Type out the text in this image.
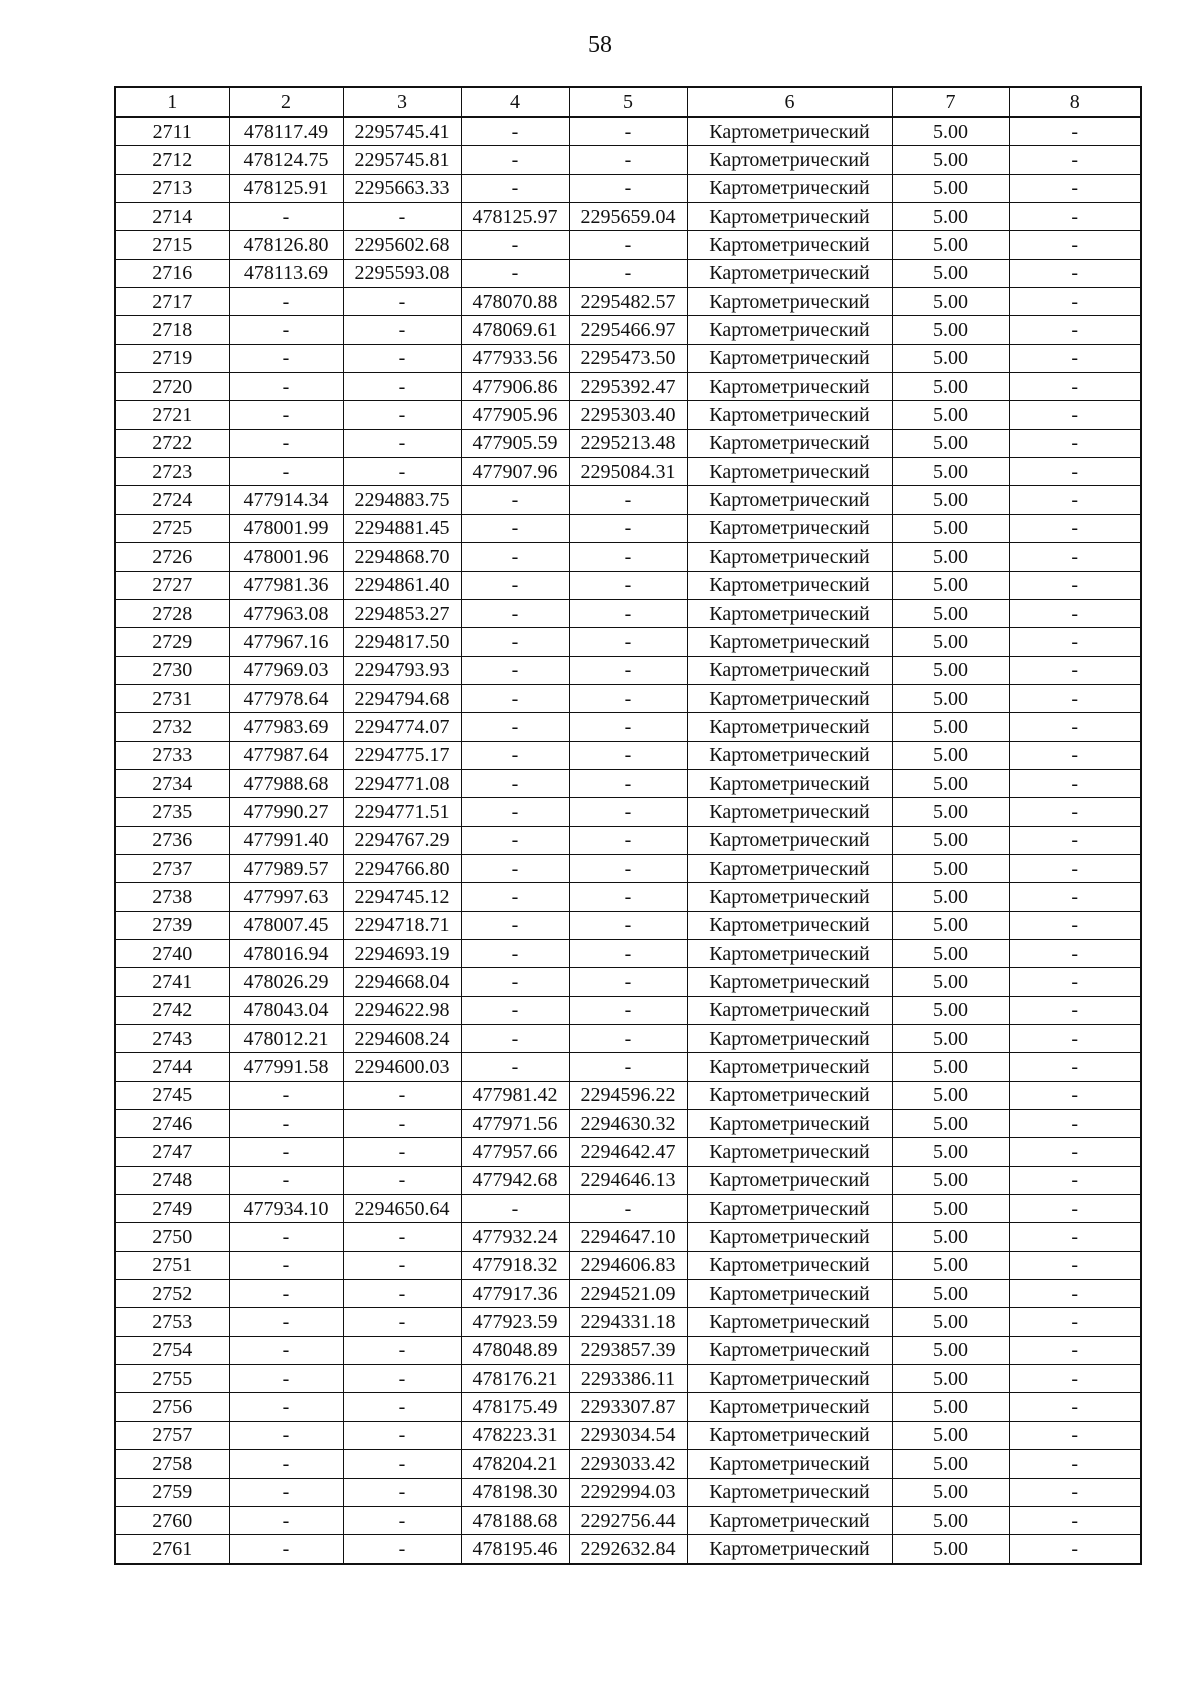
58
1	2	3	4	5	6	7	8
2711	478117.49	2295745.41	-	-	Картометрический	5.00	-
2712	478124.75	2295745.81	-	-	Картометрический	5.00	-
2713	478125.91	2295663.33	-	-	Картометрический	5.00	-
2714	-	-	478125.97	2295659.04	Картометрический	5.00	-
2715	478126.80	2295602.68	-	-	Картометрический	5.00	-
2716	478113.69	2295593.08	-	-	Картометрический	5.00	-
2717	-	-	478070.88	2295482.57	Картометрический	5.00	-
2718	-	-	478069.61	2295466.97	Картометрический	5.00	-
2719	-	-	477933.56	2295473.50	Картометрический	5.00	-
2720	-	-	477906.86	2295392.47	Картометрический	5.00	-
2721	-	-	477905.96	2295303.40	Картометрический	5.00	-
2722	-	-	477905.59	2295213.48	Картометрический	5.00	-
2723	-	-	477907.96	2295084.31	Картометрический	5.00	-
2724	477914.34	2294883.75	-	-	Картометрический	5.00	-
2725	478001.99	2294881.45	-	-	Картометрический	5.00	-
2726	478001.96	2294868.70	-	-	Картометрический	5.00	-
2727	477981.36	2294861.40	-	-	Картометрический	5.00	-
2728	477963.08	2294853.27	-	-	Картометрический	5.00	-
2729	477967.16	2294817.50	-	-	Картометрический	5.00	-
2730	477969.03	2294793.93	-	-	Картометрический	5.00	-
2731	477978.64	2294794.68	-	-	Картометрический	5.00	-
2732	477983.69	2294774.07	-	-	Картометрический	5.00	-
2733	477987.64	2294775.17	-	-	Картометрический	5.00	-
2734	477988.68	2294771.08	-	-	Картометрический	5.00	-
2735	477990.27	2294771.51	-	-	Картометрический	5.00	-
2736	477991.40	2294767.29	-	-	Картометрический	5.00	-
2737	477989.57	2294766.80	-	-	Картометрический	5.00	-
2738	477997.63	2294745.12	-	-	Картометрический	5.00	-
2739	478007.45	2294718.71	-	-	Картометрический	5.00	-
2740	478016.94	2294693.19	-	-	Картометрический	5.00	-
2741	478026.29	2294668.04	-	-	Картометрический	5.00	-
2742	478043.04	2294622.98	-	-	Картометрический	5.00	-
2743	478012.21	2294608.24	-	-	Картометрический	5.00	-
2744	477991.58	2294600.03	-	-	Картометрический	5.00	-
2745	-	-	477981.42	2294596.22	Картометрический	5.00	-
2746	-	-	477971.56	2294630.32	Картометрический	5.00	-
2747	-	-	477957.66	2294642.47	Картометрический	5.00	-
2748	-	-	477942.68	2294646.13	Картометрический	5.00	-
2749	477934.10	2294650.64	-	-	Картометрический	5.00	-
2750	-	-	477932.24	2294647.10	Картометрический	5.00	-
2751	-	-	477918.32	2294606.83	Картометрический	5.00	-
2752	-	-	477917.36	2294521.09	Картометрический	5.00	-
2753	-	-	477923.59	2294331.18	Картометрический	5.00	-
2754	-	-	478048.89	2293857.39	Картометрический	5.00	-
2755	-	-	478176.21	2293386.11	Картометрический	5.00	-
2756	-	-	478175.49	2293307.87	Картометрический	5.00	-
2757	-	-	478223.31	2293034.54	Картометрический	5.00	-
2758	-	-	478204.21	2293033.42	Картометрический	5.00	-
2759	-	-	478198.30	2292994.03	Картометрический	5.00	-
2760	-	-	478188.68	2292756.44	Картометрический	5.00	-
2761	-	-	478195.46	2292632.84	Картометрический	5.00	-
